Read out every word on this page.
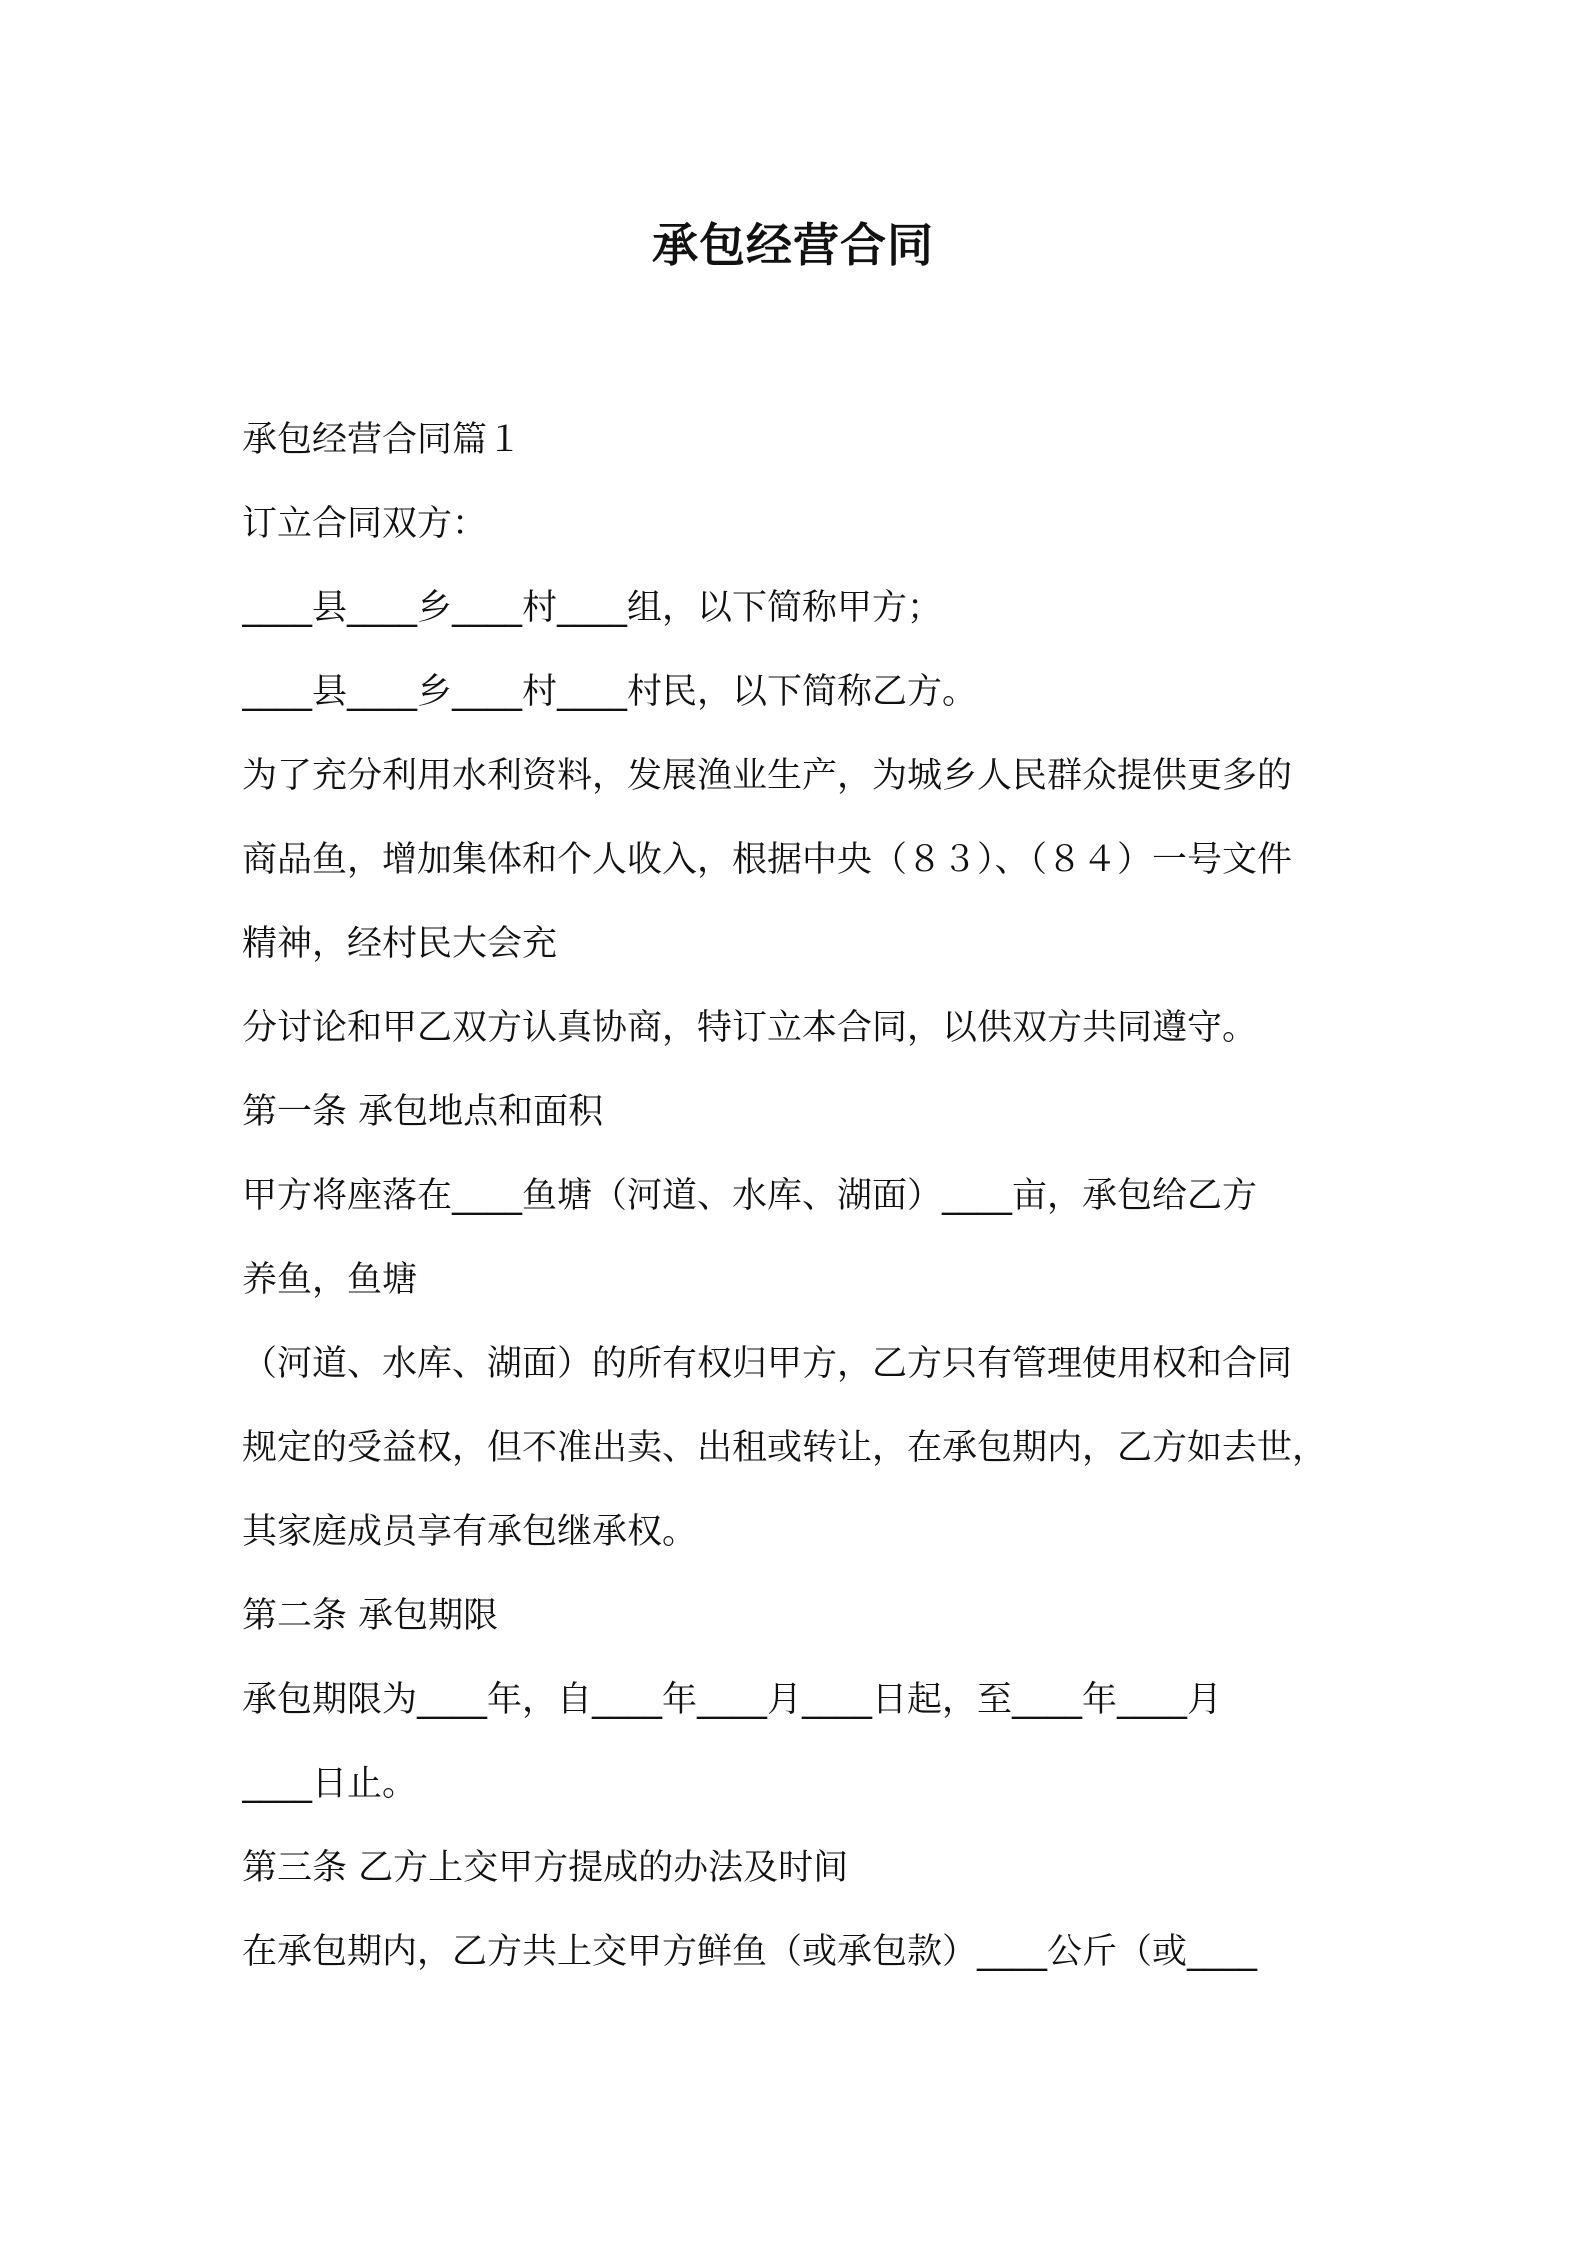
承包经营合同
承包经营合同篇１
订立合同双方：
____县____乡____村____组，以下简称甲方；
____县____乡____村____村民，以下简称乙方。
为了充分利用水利资料，发展渔业生产，为城乡人民群众提供更多的
商品鱼，增加集体和个人收入，根据中央（８３）、（８４）一号文件
精神，经村民大会充
分讨论和甲乙双方认真协商，特订立本合同，以供双方共同遵守。
第一条 承包地点和面积
甲方将座落在____鱼塘（河道、水库、湖面）____亩，承包给乙方
养鱼，鱼塘
（河道、水库、湖面）的所有权归甲方，乙方只有管理使用权和合同
规定的受益权，但不准出卖、出租或转让，在承包期内，乙方如去世，
其家庭成员享有承包继承权。
第二条 承包期限
承包期限为____年，自____年____月____日起，至____年____月
____日止。
第三条 乙方上交甲方提成的办法及时间
在承包期内，乙方共上交甲方鲜鱼（或承包款）____公斤（或____
